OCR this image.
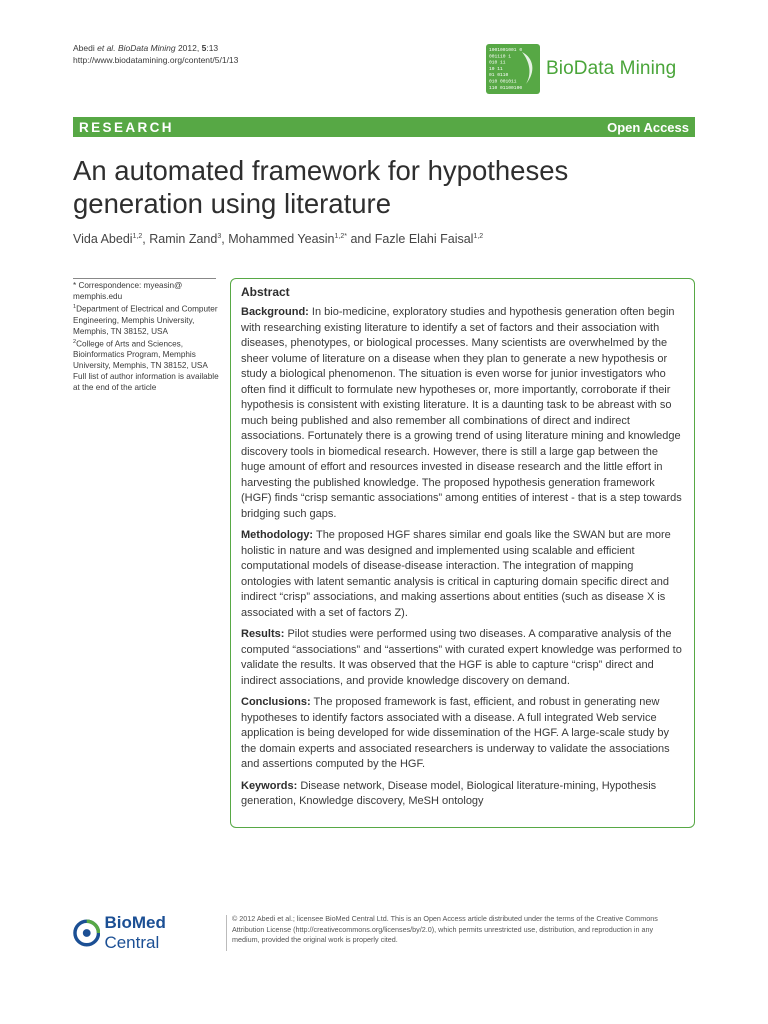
Abedi et al. BioData Mining 2012, 5:13
http://www.biodatamining.org/content/5/1/13
1001001001 0
001110 1
010 11
10 11
01 0110
010 001011
110 01100100
BioData Mining
RESEARCH	Open Access
An automated framework for hypotheses
generation using literature
Vida Abedi$^{1,2}$, Ramin Zand$^3$, Mohammed Yeasin$^{1,2*}$ and Fazle Elahi Faisal$^{1,2}$

* Correspondence: myeasin@
memphis.edu

$^1$Department of Electrical and Computer Engineering, Memphis University, Memphis, TN 38152, USA

$^2$College of Arts and Sciences, Bioinformatics Program, Memphis University, Memphis, TN 38152, USA

Full list of author information is available at the end of the article

Abstract

Background: In bio-medicine, exploratory studies and hypothesis generation often begin with researching existing literature to identify a set of factors and their association with diseases, phenotypes, or biological processes. Many scientists are overwhelmed by the sheer volume of literature on a disease when they plan to generate a new hypothesis or study a biological phenomenon. The situation is even worse for junior investigators who often find it difficult to formulate new hypotheses or, more importantly, corroborate if their hypothesis is consistent with existing literature. It is a daunting task to be abreast with so much being published and also remember all combinations of direct and indirect associations. Fortunately there is a growing trend of using literature mining and knowledge discovery tools in biomedical research. However, there is still a large gap between the huge amount of effort and resources invested in disease research and the little effort in harvesting the published knowledge. The proposed hypothesis generation framework (HGF) finds “crisp semantic associations” among entities of interest - that is a step towards bridging such gaps.

Methodology: The proposed HGF shares similar end goals like the SWAN but are more holistic in nature and was designed and implemented using scalable and efficient computational models of disease-disease interaction. The integration of mapping ontologies with latent semantic analysis is critical in capturing domain specific direct and indirect “crisp” associations, and making assertions about entities (such as disease X is associated with a set of factors Z).

Results: Pilot studies were performed using two diseases. A comparative analysis of the computed “associations” and “assertions” with curated expert knowledge was performed to validate the results. It was observed that the HGF is able to capture “crisp” direct and indirect associations, and provide knowledge discovery on demand.

Conclusions: The proposed framework is fast, efficient, and robust in generating new hypotheses to identify factors associated with a disease. A full integrated Web service application is being developed for wide dissemination of the HGF. A large-scale study by the domain experts and associated researchers is underway to validate the associations and assertions computed by the HGF.

Keywords: Disease network, Disease model, Biological literature-mining, Hypothesis generation, Knowledge discovery, MeSH ontology

BioMed Central
© 2012 Abedi et al.; licensee BioMed Central Ltd. This is an Open Access article distributed under the terms of the Creative Commons Attribution License (http://creativecommons.org/licenses/by/2.0), which permits unrestricted use, distribution, and reproduction in any medium, provided the original work is properly cited.
